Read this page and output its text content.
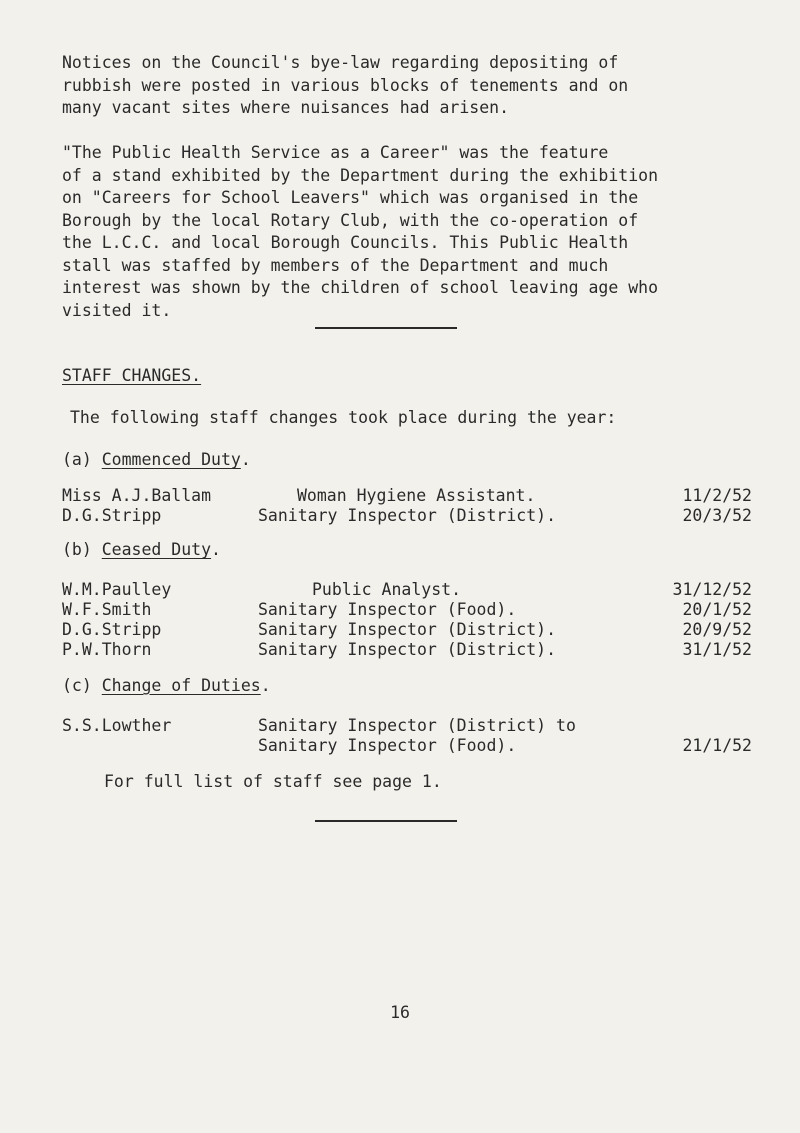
Notices on the Council's bye-law regarding depositing of
rubbish were posted in various blocks of tenements and on
many vacant sites where nuisances had arisen.

"The Public Health Service as a Career" was the feature
of a stand exhibited by the Department during the exhibition
on "Careers for School Leavers" which was organised in the
Borough by the local Rotary Club, with the co-operation of
the L.C.C. and local Borough Councils. This Public Health
stall was staffed by members of the Department and much
interest was shown by the children of school leaving age who
visited it.

STAFF CHANGES.
The following staff changes took place during the year:
(a) Commenced Duty.
Miss A.J.Ballam	Woman Hygiene Assistant.	11/2/52
D.G.Stripp	Sanitary Inspector (District).	20/3/52
(b) Ceased Duty.
W.M.Paulley	Public Analyst.	31/12/52
W.F.Smith	Sanitary Inspector (Food).	20/1/52
D.G.Stripp	Sanitary Inspector (District).	20/9/52
P.W.Thorn	Sanitary Inspector (District).	31/1/52
(c) Change of Duties.
S.S.Lowther	Sanitary Inspector (District) to
Sanitary Inspector (Food).	21/1/52
For full list of staff see page 1.
16
